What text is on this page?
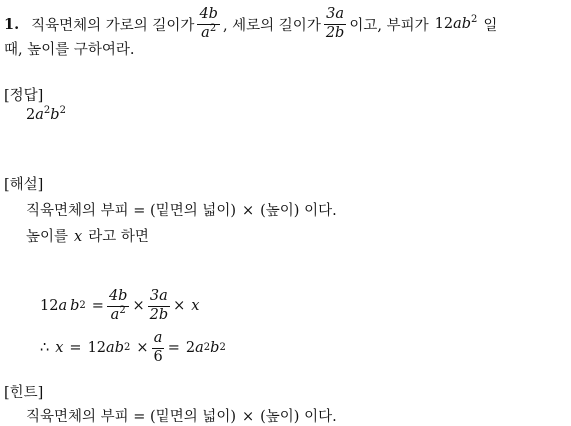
1. 직육면체의 가로의 길이가 $\frac{4b}{a^2}$ , 세로의 길이가 $\frac{3a}{2b}$ 이고, 부피가 $12ab^2$ 일
때, 높이를 구하여라.
[정답]
$2a^2b^2$
[해설]
직육면체의 부피 = (밑면의 넓이) × (높이) 이다.
높이를 x 라고 하면
12 a b $2 = \frac{4b}{a^2} \times \frac{3a}{2b} \times x$
∴ x = 12 a b $2 \times \frac{a}{6} = 2$ a 2 b 2
[힌트]
직육면체의 부피 = (밑면의 넓이) × (높이) 이다.
